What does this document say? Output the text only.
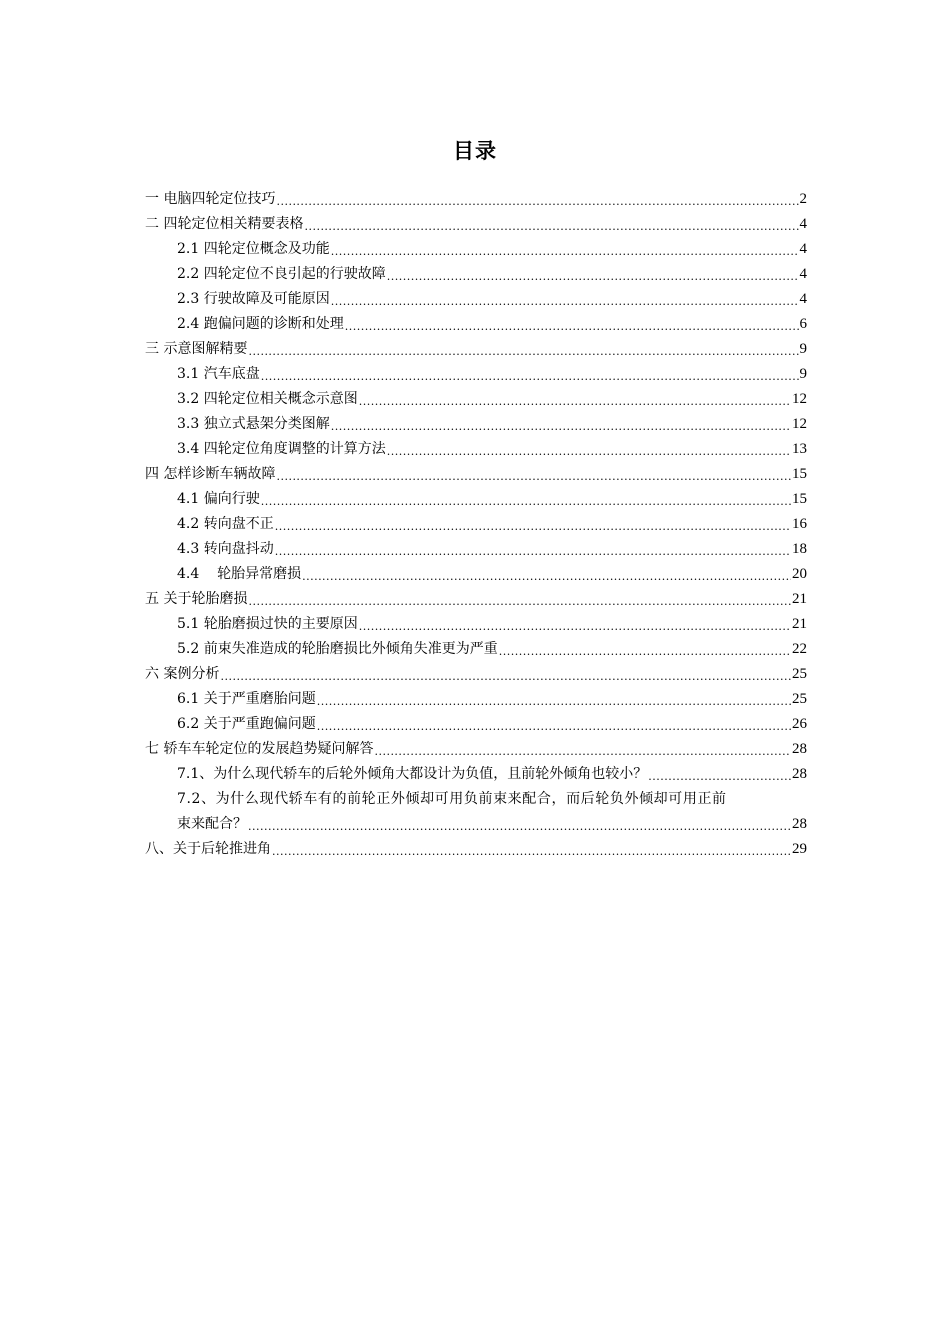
目录
一 电脑四轮定位技巧 .....	2
二 四轮定位相关精要表格 .....	4
2.1 四轮定位概念及功能 .....	4
2.2 四轮定位不良引起的行驶故障 .....	4
2.3 行驶故障及可能原因 .....	4
2.4 跑偏问题的诊断和处理 .....	6
三 示意图解精要 .....	9
3.1 汽车底盘 .....	9
3.2 四轮定位相关概念示意图 .....	12
3.3 独立式悬架分类图解 .....	12
3.4 四轮定位角度调整的计算方法 .....	13
四 怎样诊断车辆故障 .....	15
4.1 偏向行驶 .....	15
4.2 转向盘不正 .....	16
4.3 转向盘抖动 .....	18
4.4    轮胎异常磨损 .....	20
五 关于轮胎磨损 .....	21
5.1 轮胎磨损过快的主要原因 .....	21
5.2 前束失准造成的轮胎磨损比外倾角失准更为严重 .....	22
六 案例分析 .....	25
6.1 关于严重磨胎问题 .....	25
6.2 关于严重跑偏问题 .....	26
七 轿车车轮定位的发展趋势疑问解答 .....	28
7.1、为什么现代轿车的后轮外倾角大都设计为负值，且前轮外倾角也较小？ .....	28
7.2、为什么现代轿车有的前轮正外倾却可用负前束来配合，而后轮负外倾却可用正前
束来配合？ .....	28
八、关于后轮推进角 .....	29
